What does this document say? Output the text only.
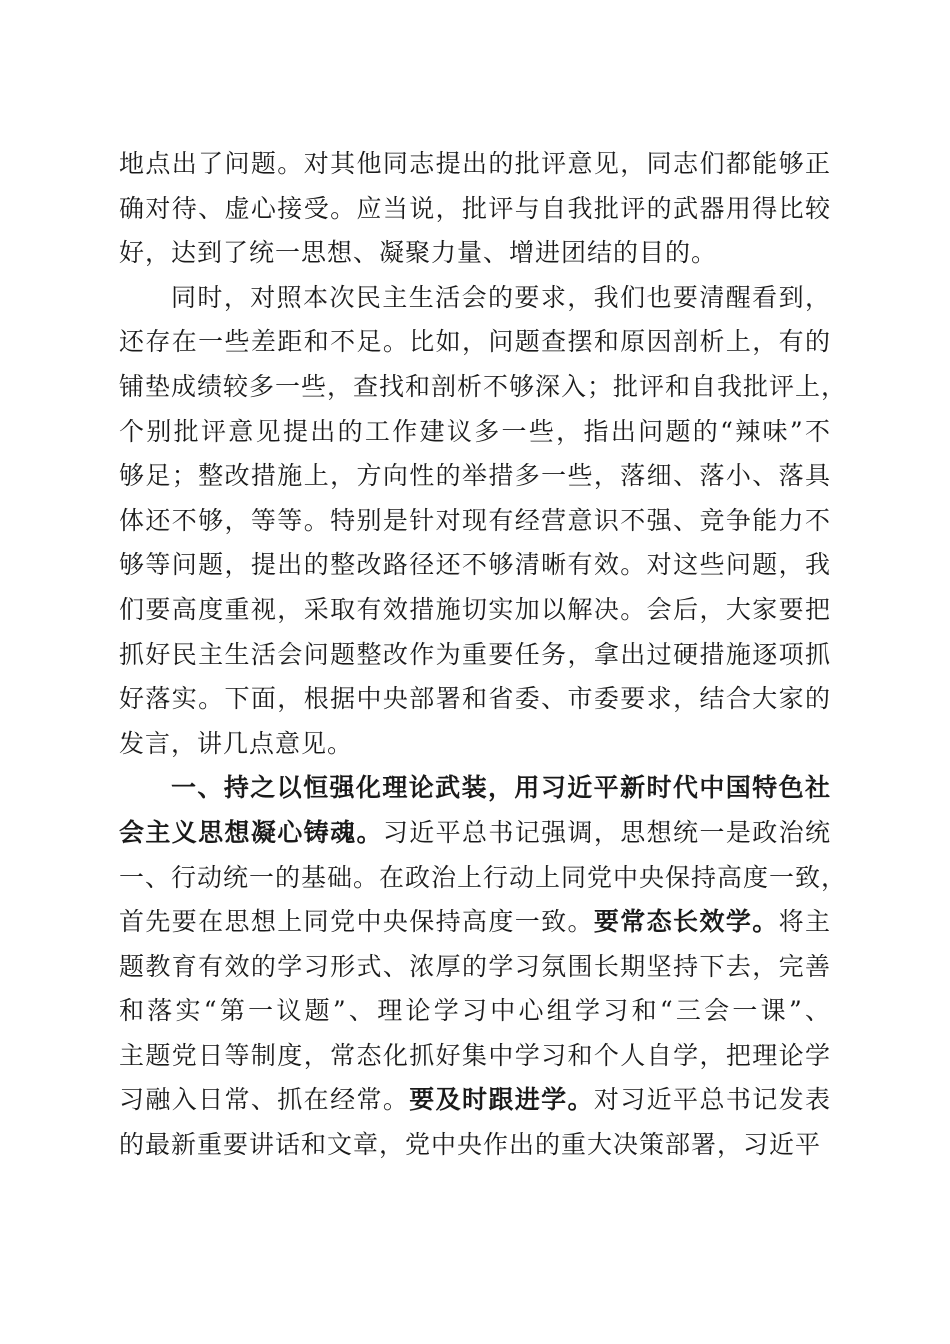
地点出了问题。对其他同志提出的批评意见，同志们都能够正
确对待、虚心接受。应当说，批评与自我批评的武器用得比较
好，达到了统一思想、凝聚力量、增进团结的目的。
同时，对照本次民主生活会的要求，我们也要清醒看到，
还存在一些差距和不足。比如，问题查摆和原因剖析上，有的
铺垫成绩较多一些，查找和剖析不够深入；批评和自我批评上，
个别批评意见提出的工作建议多一些，指出问题的“辣味”不
够足；整改措施上，方向性的举措多一些，落细、落小、落具
体还不够，等等。特别是针对现有经营意识不强、竞争能力不
够等问题，提出的整改路径还不够清晰有效。对这些问题，我
们要高度重视，采取有效措施切实加以解决。会后，大家要把
抓好民主生活会问题整改作为重要任务，拿出过硬措施逐项抓
好落实。下面，根据中央部署和省委、市委要求，结合大家的
发言，讲几点意见。
一、持之以恒强化理论武装，用习近平新时代中国特色社
会主义思想凝心铸魂。习近平总书记强调，思想统一是政治统
一、行动统一的基础。在政治上行动上同党中央保持高度一致，
首先要在思想上同党中央保持高度一致。要常态长效学。将主
题教育有效的学习形式、浓厚的学习氛围长期坚持下去，完善
和落实“第一议题”、理论学习中心组学习和“三会一课”、
主题党日等制度，常态化抓好集中学习和个人自学，把理论学
习融入日常、抓在经常。要及时跟进学。对习近平总书记发表
的最新重要讲话和文章，党中央作出的重大决策部署，习近平
